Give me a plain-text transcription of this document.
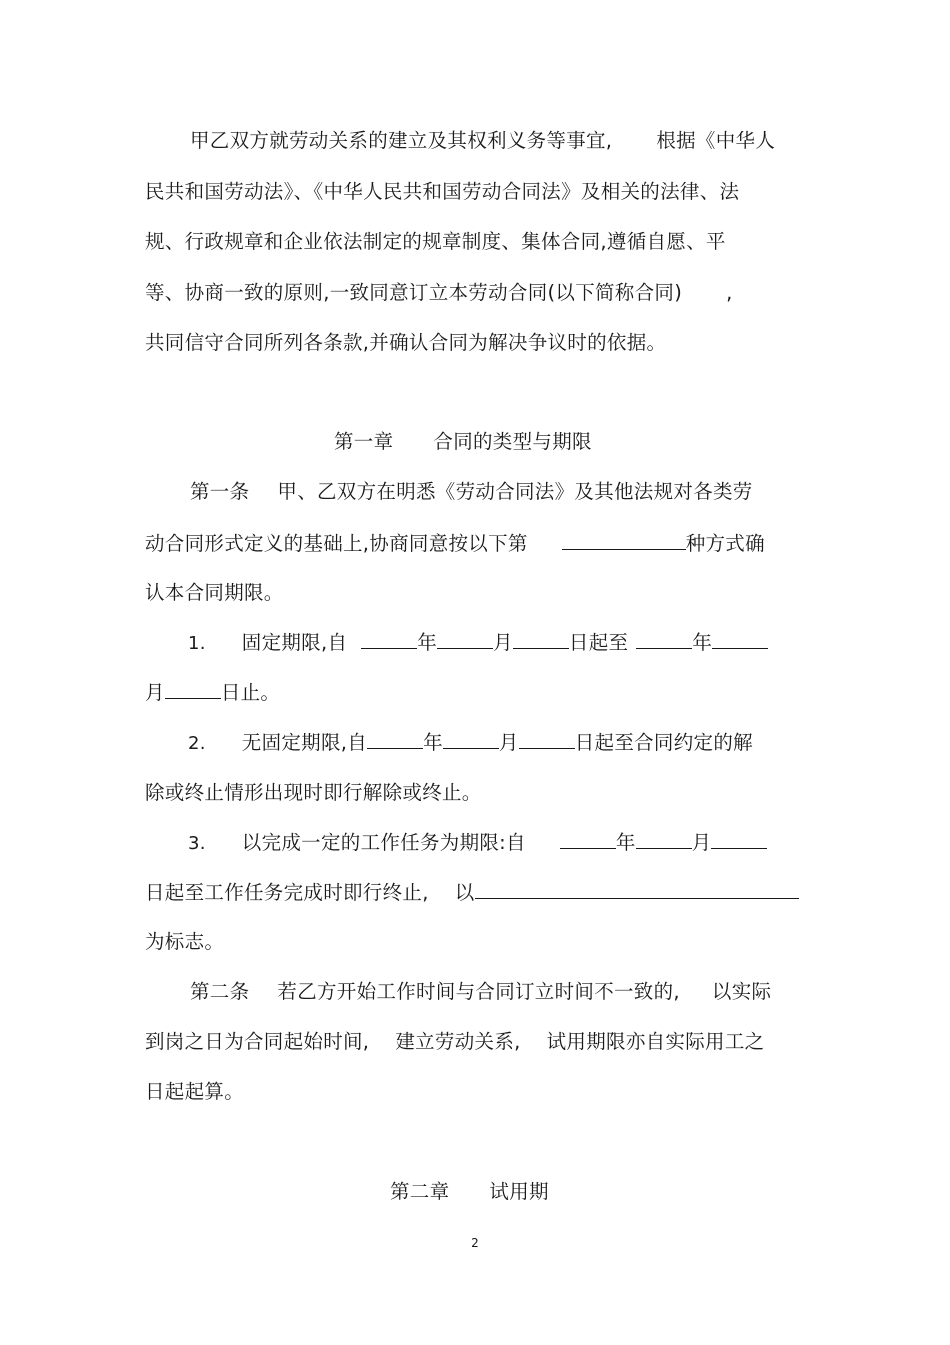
甲乙双方就劳动关系的建立及其权利义务等事宜, 根据《中华人
民共和国劳动法》、《中华人民共和国劳动合同法》及相关的法律、法
规、行政规章和企业依法制定的规章制度、集体合同,遵循自愿、平
等、协商一致的原则,一致同意订立本劳动合同(以下简称合同) ,
共同信守合同所列各条款,并确认合同为解决争议时的依据。
第一章 合同的类型与期限
第一条 甲、乙双方在明悉《劳动合同法》及其他法规对各类劳
动合同形式定义的基础上,协商同意按以下第	种方式确
认本合同期限。
1. 固定期限,自	年	月	日起至	年
月	日止。
2. 无固定期限,自	年	月	日起至合同约定的解
除或终止情形出现时即行解除或终止。
3. 以完成一定的工作任务为期限:自	年	月
日起至工作任务完成时即行终止, 以
为标志。
第二条 若乙方开始工作时间与合同订立时间不一致的, 以实际
到岗之日为合同起始时间, 建立劳动关系, 试用期限亦自实际用工之
日起起算。
第二章 试用期
2
